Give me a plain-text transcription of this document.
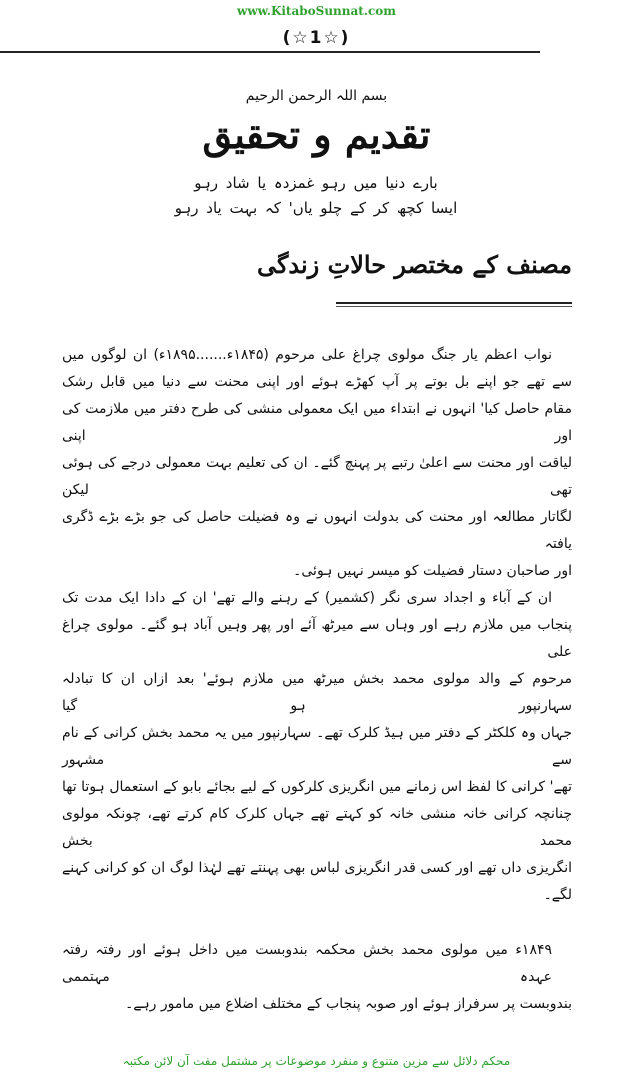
www.KitaboSunnat.com
(☆1☆)
بسم اللہ الرحمن الرحیم
تقدیم و تحقیق
بارے دنیا میں رہو غمزدہ یا شاد رہو
ایسا کچھ کر کے چلو یاں' کہ بہت یاد رہو
مصنف کے مختصر حالاتِ زندگی
نواب اعظم یار جنگ مولوی چراغ علی مرحوم (۱۸۴۵ء.......۱۸۹۵ء) ان لوگوں میں
سے تھے جو اپنے بل بوتے پر آپ کھڑے ہوئے اور اپنی محنت سے دنیا میں قابل رشک
مقام حاصل کیا' انہوں نے ابتداء میں ایک معمولی منشی کی طرح دفتر میں ملازمت کی اور اپنی
لیاقت اور محنت سے اعلیٰ رتبے پر پہنچ گئے۔ ان کی تعلیم بہت معمولی درجے کی ہوئی تھی لیکن
لگاتار مطالعہ اور محنت کی بدولت انہوں نے وہ فضیلت حاصل کی جو بڑے بڑے ڈگری یافتہ
اور صاحبان دستار فضیلت کو میسر نہیں ہوئی۔
ان کے آباء و اجداد سری نگر (کشمیر) کے رہنے والے تھے' ان کے دادا ایک مدت تک
پنجاب میں ملازم رہے اور وہاں سے میرٹھ آئے اور پھر وہیں آباد ہو گئے۔ مولوی چراغ علی
مرحوم کے والد مولوی محمد بخش میرٹھ میں ملازم ہوئے' بعد ازاں ان کا تبادلہ سہارنپور ہو گیا
جہاں وہ کلکٹر کے دفتر میں ہیڈ کلرک تھے۔ سہارنپور میں یہ محمد بخش کرانی کے نام سے مشہور
تھے' کرانی کا لفظ اس زمانے میں انگریزی کلرکوں کے لیے بجائے بابو کے استعمال ہوتا تھا
چنانچہ کرانی خانہ منشی خانہ کو کہتے تھے جہاں کلرک کام کرتے تھے، چونکہ مولوی محمد بخش
انگریزی داں تھے اور کسی قدر انگریزی لباس بھی پہنتے تھے لہٰذا لوگ ان کو کرانی کہنے لگے۔
۱۸۴۹ء میں مولوی محمد بخش محکمہ بندوبست میں داخل ہوئے اور رفتہ رفتہ عہدہ مہتممی
بندوبست پر سرفراز ہوئے اور صوبہ پنجاب کے مختلف اضلاع میں مامور رہے۔
محکم دلائل سے مزین متنوع و منفرد موضوعات پر مشتمل مفت آن لائن مکتبہ
